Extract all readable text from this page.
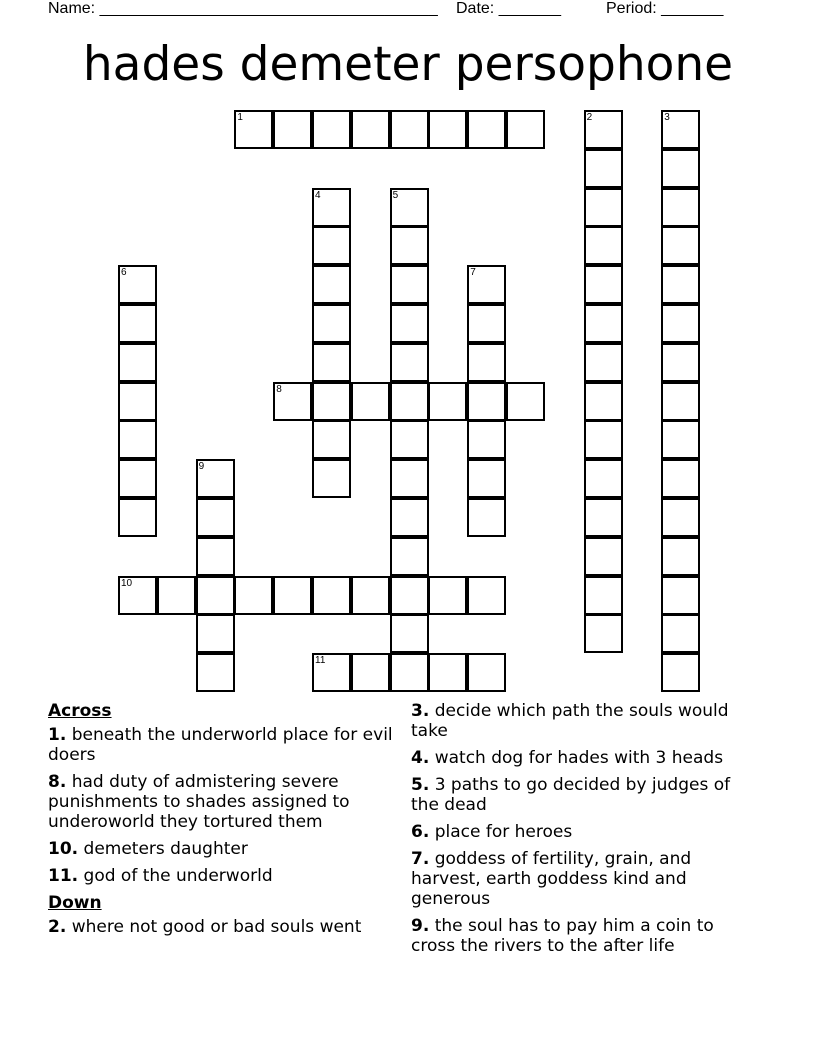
Name: ______________________________________ Date: _______	Period: _______
hades demeter persophone
1	2	3
4	5
6	7
8
9
10
11
Across
1. beneath the underworld place for evil doers
8. had duty of admistering severe punishments to shades assigned to underoworld they tortured them
10. demeters daughter
11. god of the underworld
Down
2. where not good or bad souls went
3. decide which path the souls would take
4. watch dog for hades with 3 heads
5. 3 paths to go decided by judges of the dead
6. place for heroes
7. goddess of fertility, grain, and harvest, earth goddess kind and generous
9. the soul has to pay him a coin to cross the rivers to the after life
